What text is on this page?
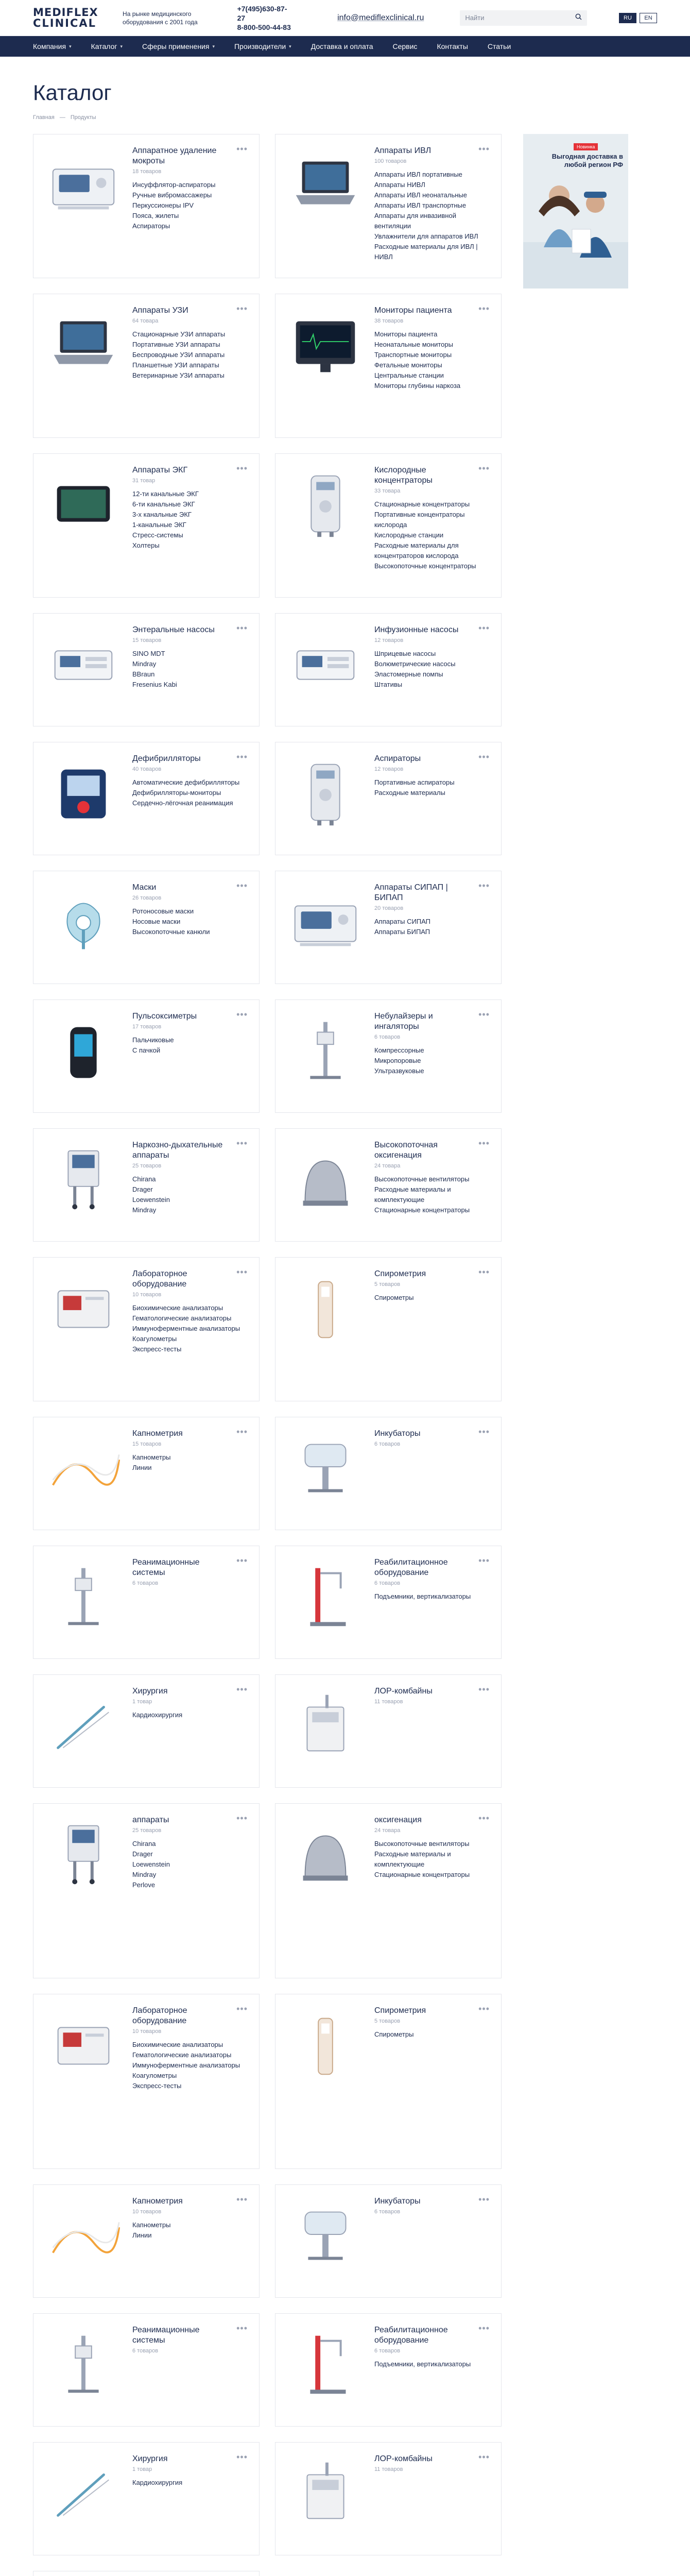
MEDIFLEX
CLINICAL
На рынке медицинского оборудования с 2001 года
+7(495)630-87-27
8-800-500-44-83
info@mediflexclinical.ru
Найти	RU	EN
Компания ▾	Каталог ▾	Сферы применения ▾	Производители ▾	Доставка и оплата	Сервис	Контакты	Статьи
Каталог
Главная — Продукты
Аппаратное удаление мокроты
18 товаров
Инсуффлятор-аспираторы
Ручные вибромассажеры
Перкуссионеры IPV
Пояса, жилеты
Аспираторы
•••	Аппараты ИВЛ
100 товаров
Аппараты ИВЛ портативные
Аппараты НИВЛ
Аппараты ИВЛ неонатальные
Аппараты ИВЛ транспортные
Аппараты для инвазивной вентиляции
Увлажнители для аппаратов ИВЛ
Расходные материалы для ИВЛ | НИВЛ
•••
Аппараты УЗИ
64 товара
Стационарные УЗИ аппараты
Портативные УЗИ аппараты
Беспроводные УЗИ аппараты
Планшетные УЗИ аппараты
Ветеринарные УЗИ аппараты
•••	Мониторы пациента
38 товаров
Мониторы пациента
Неонатальные мониторы
Транспортные мониторы
Фетальные мониторы
Центральные станции
Мониторы глубины наркоза
•••
Аппараты ЭКГ
31 товар
12-ти канальные ЭКГ
6-ти канальные ЭКГ
3-х канальные ЭКГ
1-канальные ЭКГ
Стресс-системы
Холтеры
•••	Кислородные концентраторы
33 товара
Стационарные концентраторы
Портативные концентраторы кислорода
Кислородные станции
Расходные материалы для концентраторов кислорода
Высокопоточные концентраторы
•••
Энтеральные насосы
15 товаров
SINO MDT
Mindray
BBraun
Fresenius Kabi
•••	Инфузионные насосы
12 товаров
Шприцевые насосы
Волюметрические насосы
Эластомерные помпы
Штативы
•••
Дефибрилляторы
40 товаров
Автоматические дефибрилляторы
Дефибрилляторы-мониторы
Сердечно-лёгочная реанимация
•••	Аспираторы
12 товаров
Портативные аспираторы
Расходные материалы
•••
Маски
26 товаров
Ротоносовые маски
Носовые маски
Высокопоточные канюли
•••	Аппараты СИПАП | БИПАП
20 товаров
Аппараты СИПАП
Аппараты БИПАП
•••
Пульсоксиметры
17 товаров
Пальчиковые
С пачкой
•••	Небулайзеры и ингаляторы
6 товаров
Компрессорные
Микропоровые
Ультразвуковые
•••
Наркозно-дыхательные аппараты
25 товаров
Chirana
Drager
Loewenstein
Mindray
•••	Высокопоточная оксигенация
24 товара
Высокопоточные вентиляторы
Расходные материалы и комплектующие
Стационарные концентраторы
•••
Лабораторное оборудование
10 товаров
Биохимические анализаторы
Гематологические анализаторы
Иммуноферментные анализаторы
Коагулометры
Экспресс-тесты
•••	Спирометрия
5 товаров
Спирометры
•••
Капнометрия
15 товаров
Капнометры
Линии
•••	Инкубаторы
6 товаров
•••
Реанимационные системы
6 товаров
•••	Реабилитационное оборудование
6 товаров
Подъемники, вертикализаторы
•••
Хирургия
1 товар
Кардиохирургия
•••	ЛОР-комбайны
11 товаров
•••
аппараты
25 товаров
Chirana
Drager
Loewenstein
Mindray
Perlove
•••	оксигенация
24 товара
Высокопоточные вентиляторы
Расходные материалы и комплектующие
Стационарные концентраторы
•••
Лабораторное оборудование
10 товаров
Биохимические анализаторы
Гематологические анализаторы
Иммуноферментные анализаторы
Коагулометры
Экспресс-тесты
•••	Спирометрия
5 товаров
Спирометры
•••
Капнометрия
10 товаров
Капнометры
Линии
•••	Инкубаторы
6 товаров
•••
Реанимационные системы
6 товаров
•••	Реабилитационное оборудование
6 товаров
Подъемники, вертикализаторы
•••
Хирургия
1 товар
Кардиохирургия
•••	ЛОР-комбайны
11 товаров
•••
Новинка
Выгодная доставка в любой регион РФ
